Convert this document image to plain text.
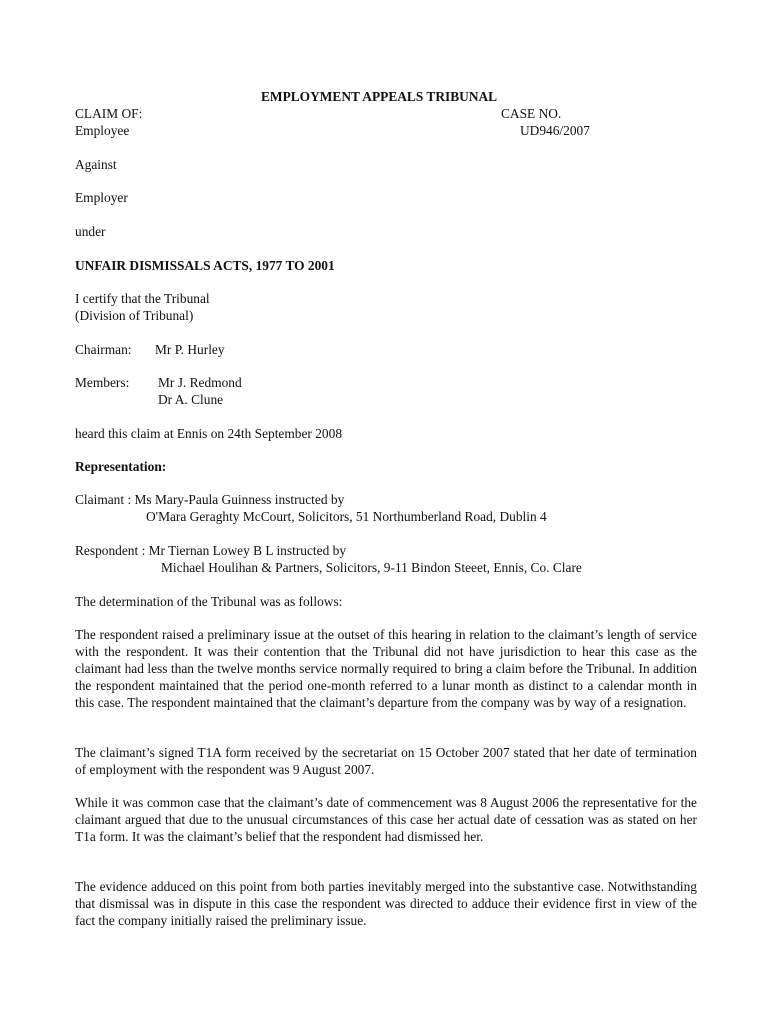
EMPLOYMENT APPEALS TRIBUNAL
CLAIM OF:	CASE NO.
Employee	UD946/2007
Against
Employer
under
UNFAIR DISMISSALS ACTS, 1977 TO 2001
I certify that the Tribunal
(Division of Tribunal)
Chairman: Mr P. Hurley
Members: Mr J. Redmond
Dr A. Clune
heard this claim at Ennis on 24th September 2008
Representation:
Claimant : Ms Mary-Paula Guinness instructed by
O'Mara Geraghty McCourt, Solicitors, 51 Northumberland Road, Dublin 4
Respondent : Mr Tiernan Lowey B L instructed by
Michael Houlihan & Partners, Solicitors, 9-11 Bindon Steeet, Ennis, Co. Clare
The determination of the Tribunal was as follows:
The respondent raised a preliminary issue at the outset of this hearing in relation to the claimant’s length of service with the respondent. It was their contention that the Tribunal did not have jurisdiction to hear this case as the claimant had less than the twelve months service normally required to bring a claim before the Tribunal. In addition the respondent maintained that the period one-month referred to a lunar month as distinct to a calendar month in this case. The respondent maintained that the claimant’s departure from the company was by way of a resignation.
The claimant’s signed T1A form received by the secretariat on 15 October 2007 stated that her date of termination of employment with the respondent was 9 August 2007.
While it was common case that the claimant’s date of commencement was 8 August 2006 the representative for the claimant argued that due to the unusual circumstances of this case her actual date of cessation was as stated on her T1a form. It was the claimant’s belief that the respondent had dismissed her.
The evidence adduced on this point from both parties inevitably merged into the substantive case. Notwithstanding that dismissal was in dispute in this case the respondent was directed to adduce their evidence first in view of the fact the company initially raised the preliminary issue.
